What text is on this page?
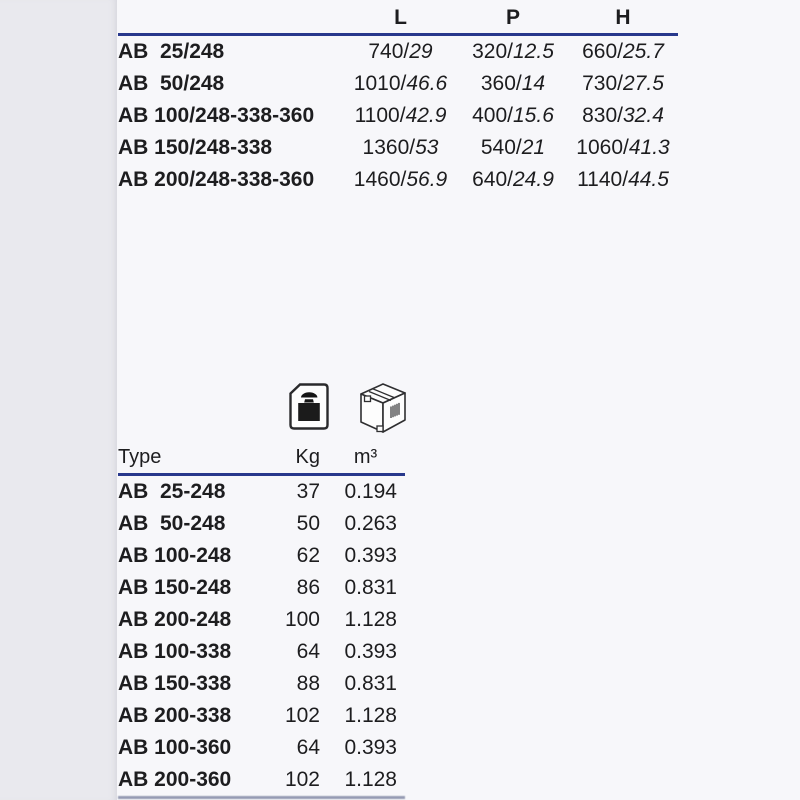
	L	P	H
AB  25/248	740/29	320/12.5	660/25.7
AB  50/248	1010/46.6	360/14	730/27.5
AB 100/248-338-360	1100/42.9	400/15.6	830/32.4
AB 150/248-338	1360/53	540/21	1060/41.3
AB 200/248-338-360	1460/56.9	640/24.9	1140/44.5
Type	Kg	m³
AB  25-248	37	0.194
AB  50-248	50	0.263
AB 100-248	62	0.393
AB 150-248	86	0.831
AB 200-248	100	1.128
AB 100-338	64	0.393
AB 150-338	88	0.831
AB 200-338	102	1.128
AB 100-360	64	0.393
AB 200-360	102	1.128
